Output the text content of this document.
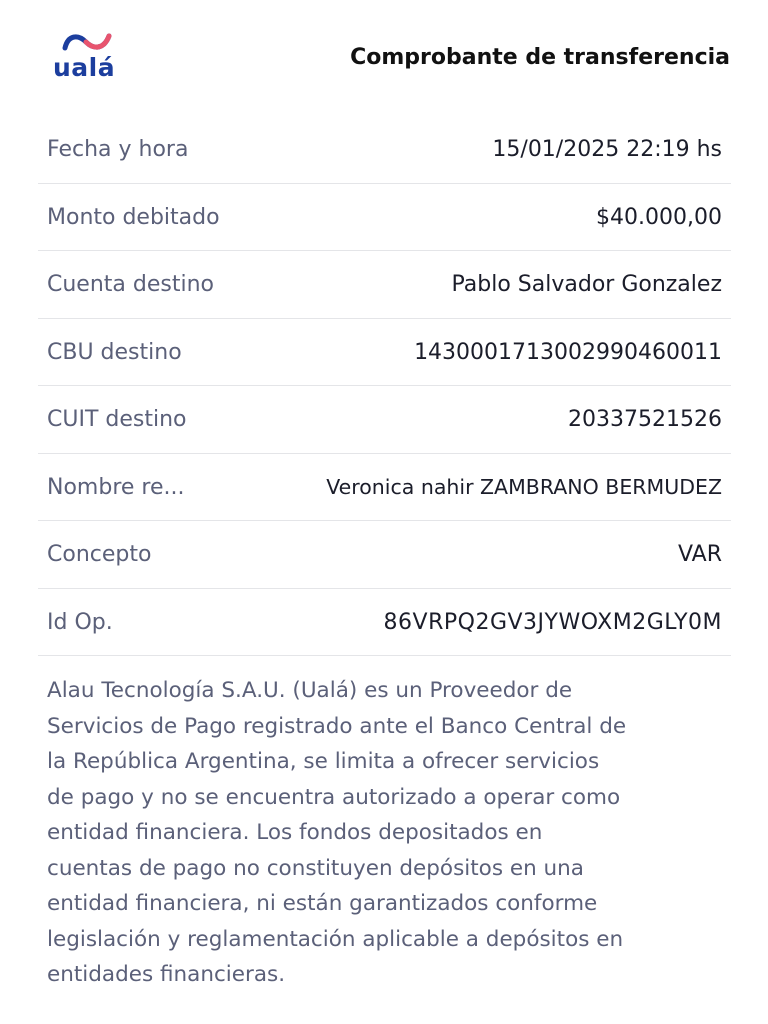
ualá	Comprobante de transferencia
Fecha y hora	15/01/2025 22:19 hs
Monto debitado	$40.000,00
Cuenta destino	Pablo Salvador Gonzalez
CBU destino	1430001713002990460011
CUIT destino	20337521526
Nombre re...	Veronica nahir ZAMBRANO BERMUDEZ
Concepto	VAR
Id Op.	86VRPQ2GV3JYWOXM2GLY0M
Alau Tecnología S.A.U. (Ualá) es un Proveedor de
Servicios de Pago registrado ante el Banco Central de
la República Argentina, se limita a ofrecer servicios
de pago y no se encuentra autorizado a operar como
entidad financiera. Los fondos depositados en
cuentas de pago no constituyen depósitos en una
entidad financiera, ni están garantizados conforme
legislación y reglamentación aplicable a depósitos en
entidades financieras.
